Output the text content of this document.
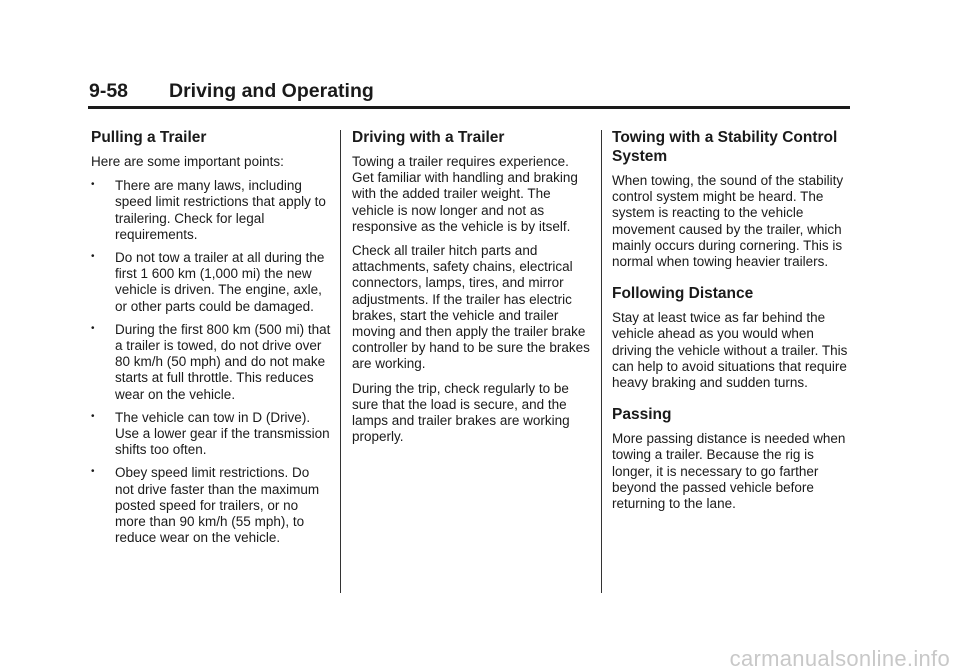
9-58 Driving and Operating
Pulling a Trailer

Here are some important points:

• There are many laws, including speed limit restrictions that apply to trailering. Check for legal requirements.
• Do not tow a trailer at all during the first 1 600 km (1,000 mi) the new vehicle is driven. The engine, axle, or other parts could be damaged.
• During the first 800 km (500 mi) that a trailer is towed, do not drive over 80 km/h (50 mph) and do not make starts at full throttle. This reduces wear on the vehicle.
• The vehicle can tow in D (Drive). Use a lower gear if the transmission shifts too often.
• Obey speed limit restrictions. Do not drive faster than the maximum posted speed for trailers, or no more than 90 km/h (55 mph), to reduce wear on the vehicle.
Driving with a Trailer

Towing a trailer requires experience. Get familiar with handling and braking with the added trailer weight. The vehicle is now longer and not as responsive as the vehicle is by itself.

Check all trailer hitch parts and attachments, safety chains, electrical connectors, lamps, tires, and mirror adjustments. If the trailer has electric brakes, start the vehicle and trailer moving and then apply the trailer brake controller by hand to be sure the brakes are working.

During the trip, check regularly to be sure that the load is secure, and the lamps and trailer brakes are working properly.

Towing with a Stability Control System

When towing, the sound of the stability control system might be heard. The system is reacting to the vehicle movement caused by the trailer, which mainly occurs during cornering. This is normal when towing heavier trailers.

Following Distance

Stay at least twice as far behind the vehicle ahead as you would when driving the vehicle without a trailer. This can help to avoid situations that require heavy braking and sudden turns.

Passing

More passing distance is needed when towing a trailer. Because the rig is longer, it is necessary to go farther beyond the passed vehicle before returning to the lane.

carmanualsonline.info
